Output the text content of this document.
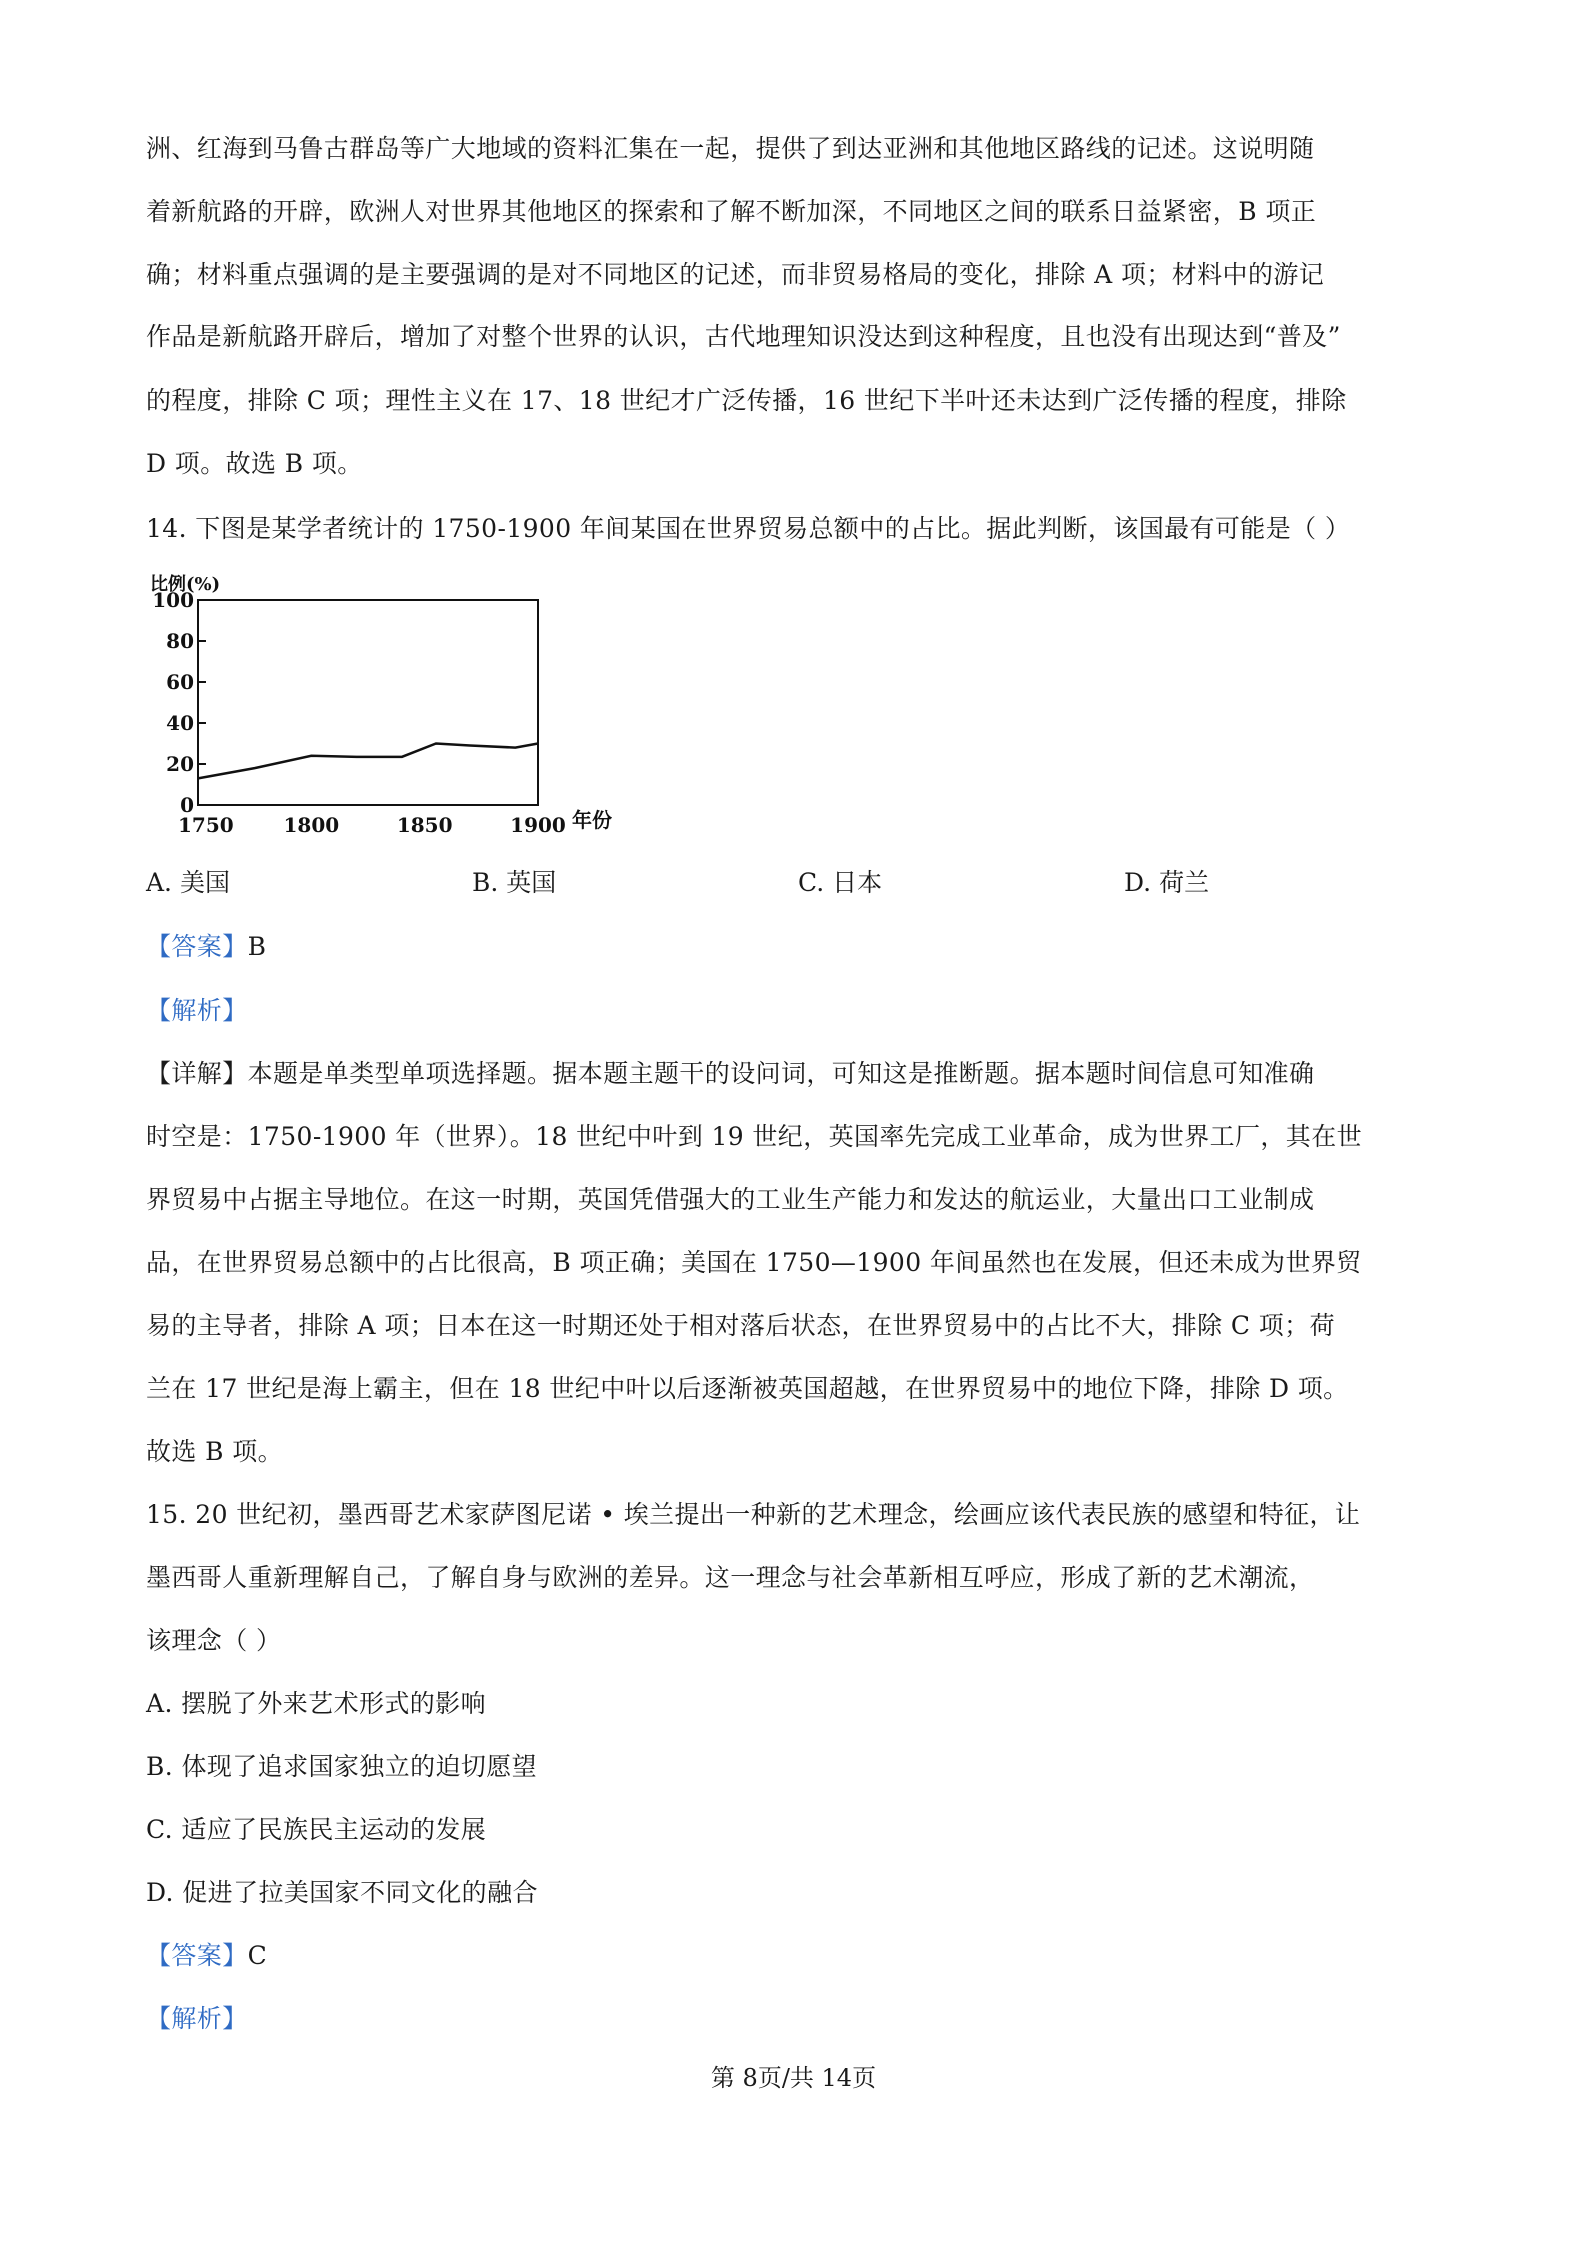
洲、红海到马鲁古群岛等广大地域的资料汇集在一起，提供了到达亚洲和其他地区路线的记述。这说明随
着新航路的开辟，欧洲人对世界其他地区的探索和了解不断加深，不同地区之间的联系日益紧密，B 项正
确；材料重点强调的是主要强调的是对不同地区的记述，而非贸易格局的变化，排除 A 项；材料中的游记
作品是新航路开辟后，增加了对整个世界的认识，古代地理知识没达到这种程度，且也没有出现达到“普及”
的程度，排除 C 项；理性主义在 17、18 世纪才广泛传播，16 世纪下半叶还未达到广泛传播的程度，排除
D 项。故选 B 项。
14. 下图是某学者统计的 1750-1900 年间某国在世界贸易总额中的占比。据此判断，该国最有可能是（ ）
0
20
40
60
80
100
1750 1800	1850	1900 年份
比例(%)
A. 美国	B. 英国	C. 日本	D. 荷兰
【答案】B
【解析】
【详解】本题是单类型单项选择题。据本题主题干的设问词，可知这是推断题。据本题时间信息可知准确
时空是：1750-1900 年（世界）。18 世纪中叶到 19 世纪，英国率先完成工业革命，成为世界工厂，其在世
界贸易中占据主导地位。在这一时期，英国凭借强大的工业生产能力和发达的航运业，大量出口工业制成
品，在世界贸易总额中的占比很高，B 项正确；美国在 1750—1900 年间虽然也在发展，但还未成为世界贸
易的主导者，排除 A 项；日本在这一时期还处于相对落后状态，在世界贸易中的占比不大，排除 C 项；荷
兰在 17 世纪是海上霸主，但在 18 世纪中叶以后逐渐被英国超越，在世界贸易中的地位下降，排除 D 项。
故选 B 项。
15. 20 世纪初，墨西哥艺术家萨图尼诺 • 埃兰提出一种新的艺术理念，绘画应该代表民族的感望和特征，让
墨西哥人重新理解自己，了解自身与欧洲的差异。这一理念与社会革新相互呼应，形成了新的艺术潮流，
该理念（ ）
A. 摆脱了外来艺术形式的影响
B. 体现了追求国家独立的迫切愿望
C. 适应了民族民主运动的发展
D. 促进了拉美国家不同文化的融合
【答案】C
【解析】
第 8页/共 14页
